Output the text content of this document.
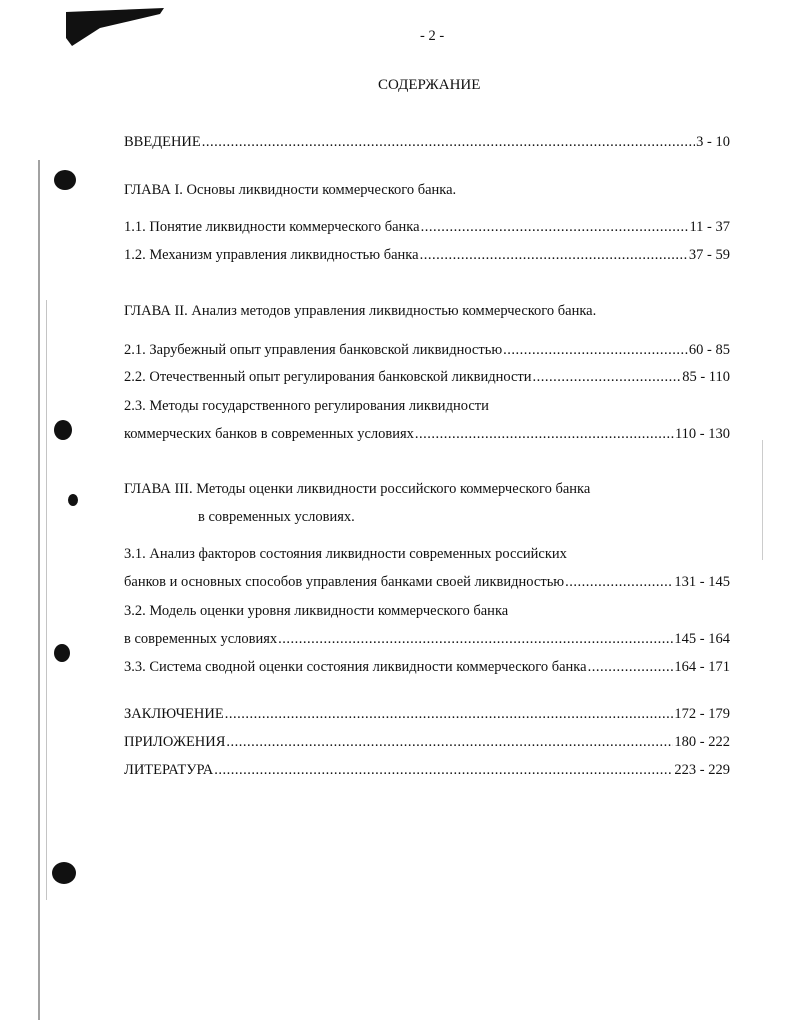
- 2 -
СОДЕРЖАНИЕ
ВВЕДЕНИЕ .....	3 - 10
ГЛАВА I. Основы ликвидности коммерческого банка.
1.1. Понятие ликвидности коммерческого банка .....	11 - 37
1.2. Механизм управления ликвидностью банка .....	37 - 59
ГЛАВА II. Анализ методов управления ликвидностью коммерческого банка.
2.1. Зарубежный опыт управления банковской ликвидностью .....	60 - 85
2.2. Отечественный опыт регулирования банковской ликвидности .....	85 - 110
2.3. Методы государственного регулирования ликвидности
коммерческих банков в современных условиях .....	110 - 130
ГЛАВА III. Методы оценки ликвидности российского коммерческого банка
в современных условиях.
3.1. Анализ факторов состояния ликвидности современных российских
банков и основных способов управления банками своей ликвидностью .....	131 - 145
3.2. Модель оценки уровня ликвидности коммерческого банка
в современных условиях .....	145 - 164
3.3. Система сводной оценки состояния ликвидности коммерческого банка .....	164 - 171
ЗАКЛЮЧЕНИЕ .....	172 - 179
ПРИЛОЖЕНИЯ .....	180 - 222
ЛИТЕРАТУРА .....	223 - 229
